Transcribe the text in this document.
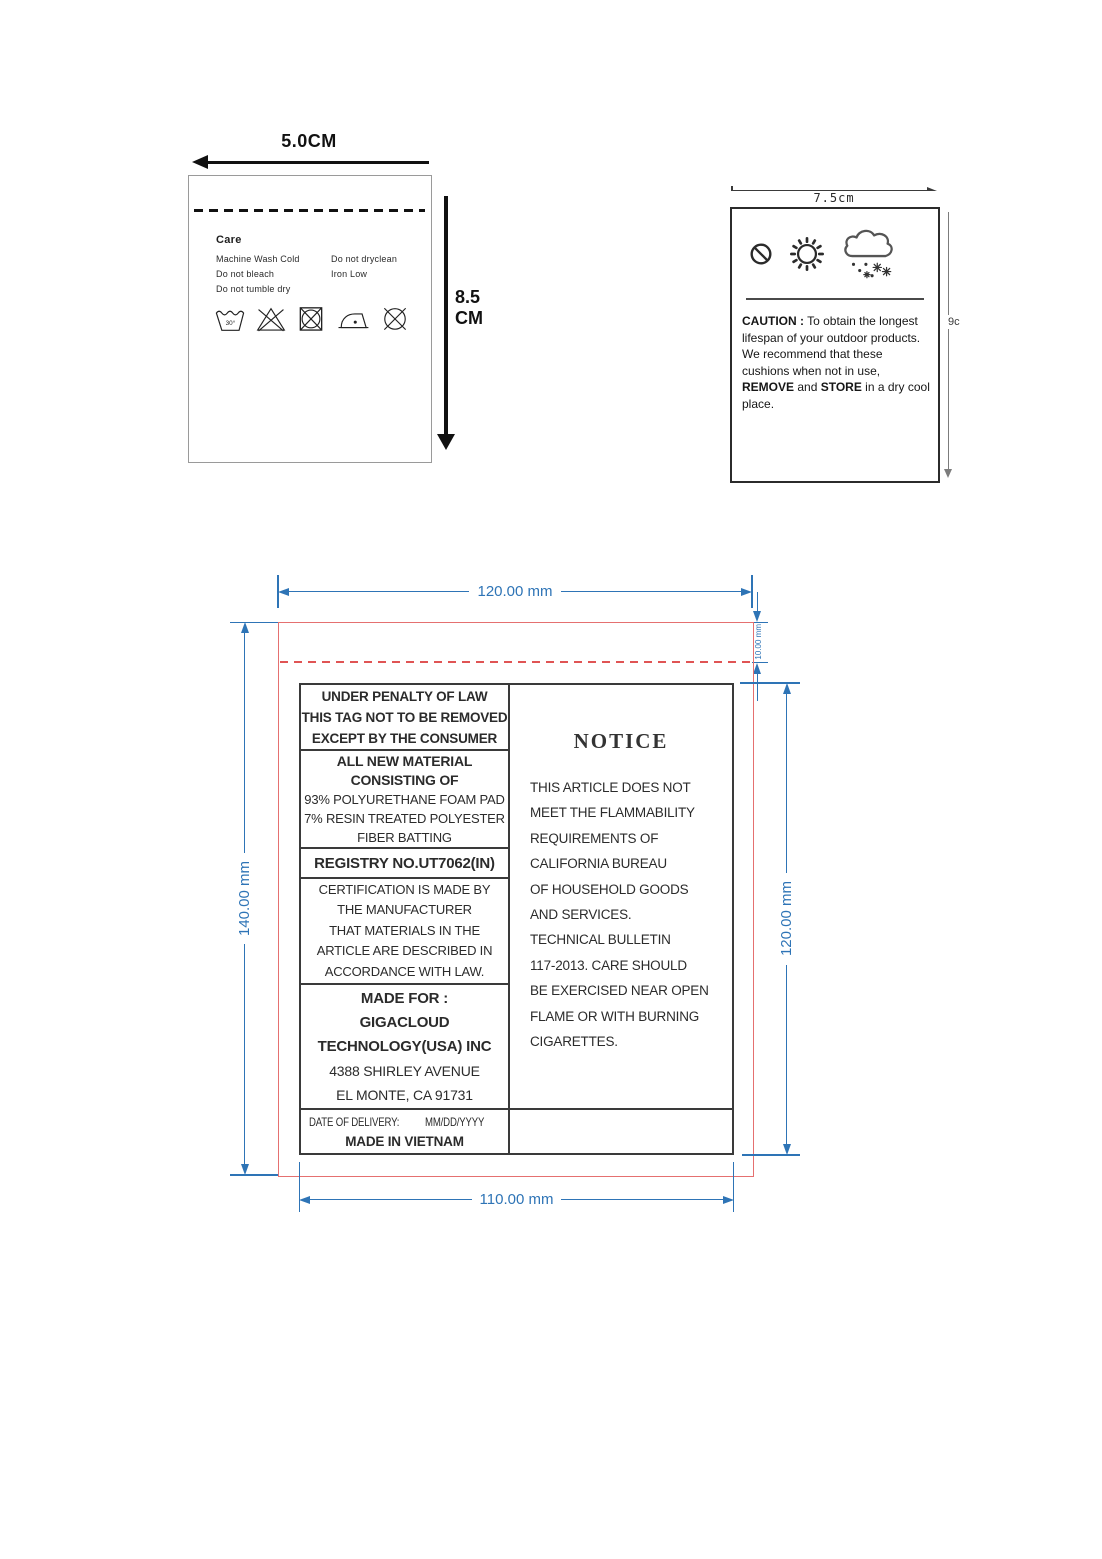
5.0CM
Care
Machine Wash Cold
Do not bleach
Do not tumble dry
Do not dryclean
Iron Low
30°
8.5
CM
7.5cm
CAUTION : To obtain the longest lifespan of your outdoor products. We recommend that these cushions when not in use, REMOVE and STORE in a dry cool place.
9c
120.00 mm
10.00 mm
140.00 mm	120.00 mm
UNDER PENALTY OF LAW
THIS TAG NOT TO BE REMOVED
EXCEPT BY THE CONSUMER
ALL NEW MATERIAL
CONSISTING OF
93% POLYURETHANE FOAM PAD
7% RESIN TREATED POLYESTER
FIBER BATTING
REGISTRY NO.UT7062(IN)
CERTIFICATION IS MADE BY
THE MANUFACTURER
THAT MATERIALS IN THE
ARTICLE ARE DESCRIBED IN
ACCORDANCE WITH LAW.
MADE FOR :
GIGACLOUD
TECHNOLOGY(USA) INC
4388 SHIRLEY AVENUE
EL MONTE, CA 91731
DATE OF DELIVERY: MM/DD/YYYY
MADE IN VIETNAM
NOTICE
THIS ARTICLE DOES NOT
MEET THE FLAMMABILITY
REQUIREMENTS OF
CALIFORNIA BUREAU
OF HOUSEHOLD GOODS
AND SERVICES.
TECHNICAL BULLETIN
117-2013. CARE SHOULD
BE EXERCISED NEAR OPEN
FLAME OR WITH BURNING
CIGARETTES.
110.00 mm
